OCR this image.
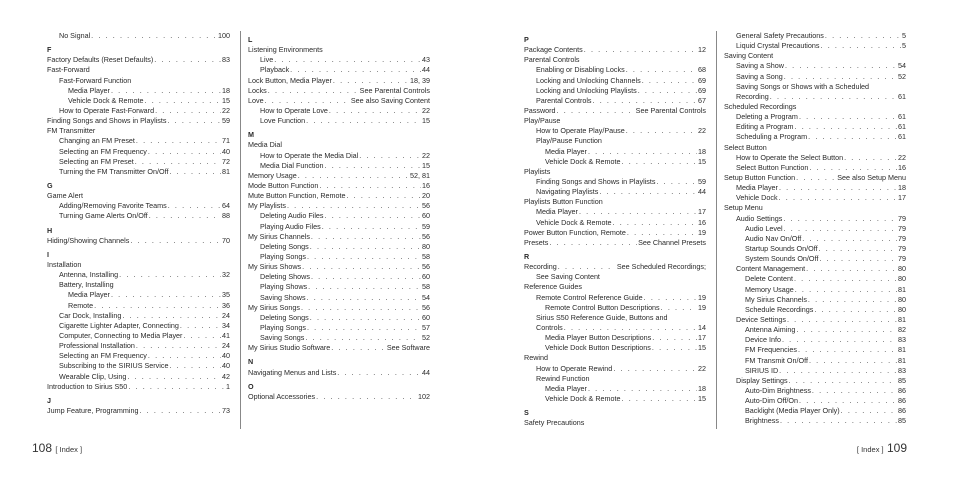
No Signal . . .	100
F
Factory Defaults (Reset Defaults) . . .	83
Fast-Forward
Fast-Forward Function
Media Player . . .	18
Vehicle Dock & Remote . . .	15
How to Operate Fast-Forward . . .	22
Finding Songs and Shows in Playlists . . .	59
FM Transmitter
Changing an FM Preset . . .	71
Selecting an FM Frequency . . .	40
Selecting an FM Preset . . .	72
Turning the FM Transmitter On/Off . . .	81
G
Game Alert
Adding/Removing Favorite Teams . . .	64
Turning Game Alerts On/Off . . .	88
H
Hiding/Showing Channels . . .	70
I
Installation
Antenna, Installing . . .	32
Battery, Installing
Media Player . . .	35
Remote . . .	36
Car Dock, Installing . . .	24
Cigarette Lighter Adapter, Connecting . . .	34
Computer, Connecting to Media Player . . .	41
Professional Installation . . .	24
Selecting an FM Frequency . . .	40
Subscribing to the SIRIUS Service . . .	40
Wearable Clip, Using . . .	42
Introduction to Sirius S50 . . .	1
J
Jump Feature, Programming . . .	73
L
Listening Environments
Live . . .	43
Playback . . .	44
Lock Button, Media Player . . .	18, 39
Locks . . .	See Parental Controls
Love . . .	See also Saving Content
How to Operate Love . . .	22
Love Function . . .	15
M
Media Dial
How to Operate the Media Dial . . .	22
Media Dial Function . . .	15
Memory Usage . . .	52, 81
Mode Button Function . . .	16
Mute Button Function, Remote . . .	20
My Playlists . . .	56
Deleting Audio Files . . .	60
Playing Audio Files . . .	59
My Sirius Channels . . .	56
Deleting Songs . . .	80
Playing Songs . . .	58
My Sirius Shows . . .	56
Deleting Shows . . .	60
Playing Shows . . .	58
Saving Shows . . .	54
My Sirius Songs . . .	56
Deleting Songs . . .	60
Playing Songs . . .	57
Saving Songs . . .	52
My Sirius Studio Software . . .	See Software
N
Navigating Menus and Lists . . .	44
O
Optional Accessories . . .	102
P
Package Contents . . .	12
Parental Controls
Enabling or Disabling Locks . . .	68
Locking and Unlocking Channels . . .	69
Locking and Unlocking Playlists . . .	69
Parental Controls . . .	67
Password . . .	See Parental Controls
Play/Pause
How to Operate Play/Pause . . .	22
Play/Pause Function
Media Player . . .	18
Vehicle Dock & Remote . . .	15
Playlists
Finding Songs and Shows in Playlists . . .	59
Navigating Playlists . . .	44
Playlists Button Function
Media Player . . .	17
Vehicle Dock & Remote . . .	16
Power Button Function, Remote . . .	19
Presets . . .	See Channel Presets
R
Recording . . .	See Scheduled Recordings;
See Saving Content
Reference Guides
Remote Control Reference Guide . . .	19
Remote Control Button Descriptions . . .	19
Sirius S50 Reference Guide, Buttons and
Controls . . .	14
Media Player Button Descriptions . . .	17
Vehicle Dock Button Descriptions . . .	15
Rewind
How to Operate Rewind . . .	22
Rewind Function
Media Player . . .	18
Vehicle Dock & Remote . . .	15
S
Safety Precautions
General Safety Precautions . . .	5
Liquid Crystal Precautions . . .	5
Saving Content
Saving a Show . . .	54
Saving a Song . . .	52
Saving Songs or Shows with a Scheduled
Recording . . .	61
Scheduled Recordings
Deleting a Program . . .	61
Editing a Program . . .	61
Scheduling a Program . . .	61
Select Button
How to Operate the Select Button . . .	22
Select Button Function . . .	16
Setup Button Function . . .	See also Setup Menu
Media Player . . .	18
Vehicle Dock . . .	17
Setup Menu
Audio Settings . . .	79
Audio Level . . .	79
Audio Nav On/Off . . .	79
Startup Sounds On/Off . . .	79
System Sounds On/Off . . .	79
Content Management . . .	80
Delete Content . . .	80
Memory Usage . . .	81
My Sirius Channels . . .	80
Schedule Recordings . . .	80
Device Settings . . .	81
Antenna Aiming . . .	82
Device Info . . .	83
FM Frequencies . . .	81
FM Transmit On/Off . . .	81
SIRIUS ID . . .	83
Display Settings . . .	85
Auto-Dim Brightness . . .	86
Auto-Dim Off/On . . .	86
Backlight (Media Player Only) . . .	86
Brightness . . .	85
108 [ Index ]	[ Index ] 109
